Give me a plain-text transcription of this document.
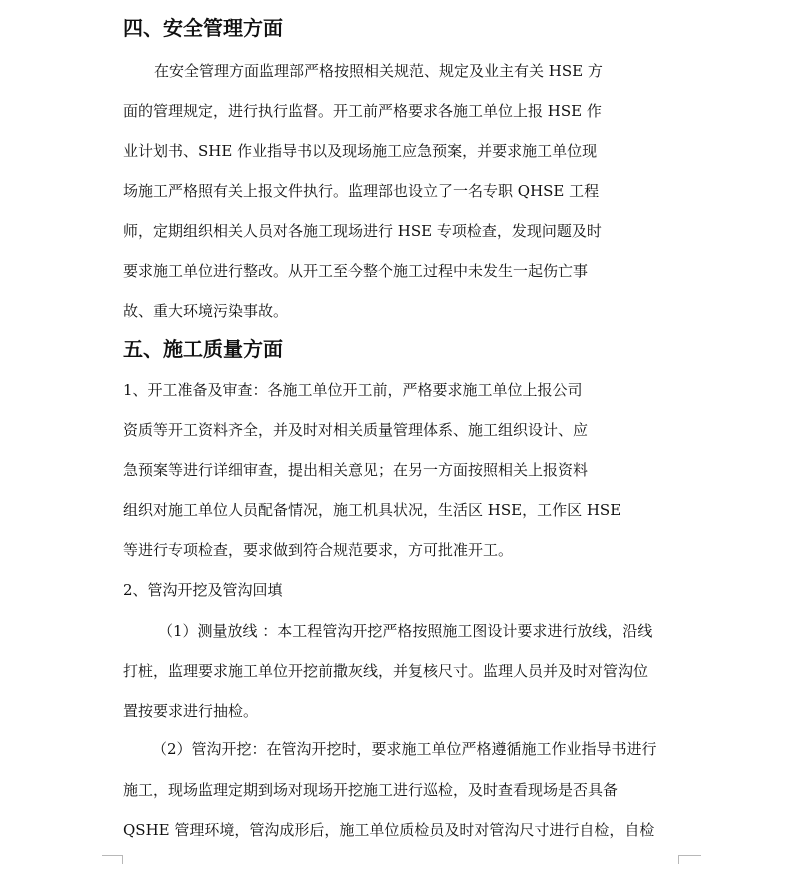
四、安全管理方面

在安全管理方面监理部严格按照相关规范、规定及业主有关 HSE 方

面的管理规定，进行执行监督。开工前严格要求各施工单位上报 HSE 作

业计划书、SHE 作业指导书以及现场施工应急预案，并要求施工单位现

场施工严格照有关上报文件执行。监理部也设立了一名专职 QHSE 工程

师，定期组织相关人员对各施工现场进行 HSE 专项检查，发现问题及时

要求施工单位进行整改。从开工至今整个施工过程中未发生一起伤亡事

故、重大环境污染事故。

五、施工质量方面

1、开工准备及审查：各施工单位开工前，严格要求施工单位上报公司

资质等开工资料齐全，并及时对相关质量管理体系、施工组织设计、应

急预案等进行详细审查，提出相关意见；在另一方面按照相关上报资料

组织对施工单位人员配备情况，施工机具状况，生活区 HSE，工作区 HSE

等进行专项检查，要求做到符合规范要求，方可批准开工。

2、管沟开挖及管沟回填

（1）测量放线 ：本工程管沟开挖严格按照施工图设计要求进行放线，沿线

打桩，监理要求施工单位开挖前撒灰线，并复核尺寸。监理人员并及时对管沟位

置按要求进行抽检。

（2）管沟开挖：在管沟开挖时，要求施工单位严格遵循施工作业指导书进行

施工，现场监理定期到场对现场开挖施工进行巡检，及时查看现场是否具备

QSHE 管理环境，管沟成形后，施工单位质检员及时对管沟尺寸进行自检，自检
